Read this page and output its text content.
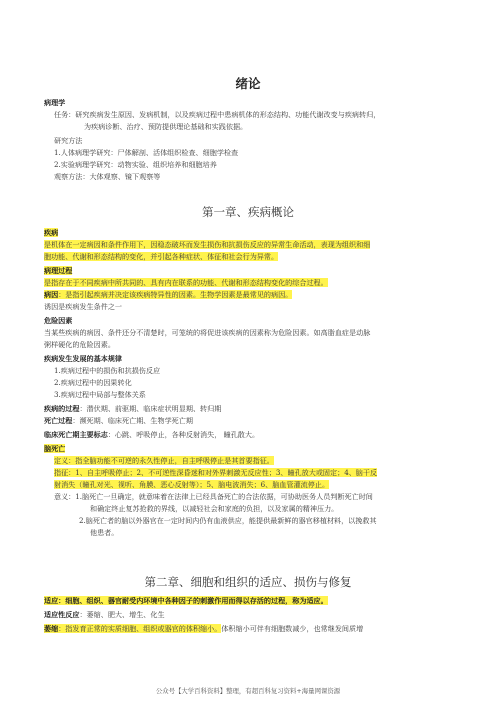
绪论
病理学
任务：研究疾病发生原因、发病机制，以及疾病过程中患病机体的形态结构、功能代谢改变与疾病转归，
为疾病诊断、治疗、预防提供理论基础和实践依据。
研究方法
1.人体病理学研究：尸体解剖、活体组织检查、细胞学检查
2.实验病理学研究：动物实验、组织培养和细胞培养
观察方法：大体观察、镜下观察等
第一章、疾病概论
疾病
是机体在一定病因和条件作用下，因稳态破坏而发生损伤和抗损伤反应的异常生命活动，表现为组织和细
胞功能、代谢和形态结构的变化，并引起各种症状、体征和社会行为异常。
病理过程
是指存在于不同疾病中所共同的、具有内在联系的功能、代谢和形态结构变化的综合过程。
病因：是指引起疾病并决定该疾病特异性的因素。生物学因素是最常见的病因。
诱因是疾病发生条件之一
危险因素
当某些疾病的病因、条件还分不清楚时，可笼统的将促进该疾病的因素称为危险因素。如高脂血症是动脉
粥样硬化的危险因素。
疾病发生发展的基本规律
1.疾病过程中的损伤和抗损伤反应
2.疾病过程中的因果转化
3.疾病过程中局部与整体关系
疾病的过程：潜伏期、前驱期、临床症状明显期、转归期
死亡过程：濒死期、临床死亡期、生物学死亡期
临床死亡期主要标志：心跳、呼吸停止，各种反射消失， 瞳孔散大。
脑死亡
定义：指全脑功能不可逆的永久性停止，自主呼吸停止是其首要指征。
指征：1、自主呼吸停止；2、不可逆性深昏迷和对外界刺激无反应性；3、瞳孔放大或固定；4、脑干反
射消失（瞳孔对光、视听、角膜、恶心反射等）；5、脑电波消失；6、脑血管灌流停止。
意义：1.脑死亡一旦确定，就意味着在法律上已经具备死亡的合法依据，可协助医务人员判断死亡时间
和确定终止复苏抢救的界线，以减轻社会和家庭的负担，以及家属的精神压力。
2.脑死亡者的脑以外器官在一定时间内仍有血液供应，能提供最新鲜的器官移植材料，以挽救其
他患者。
第二章、细胞和组织的适应、损伤与修复
适应：细胞、组织、器官耐受内环境中各种因子的刺激作用而得以存活的过程，称为适应。
适应性反应：萎缩、肥大、增生、化生
萎缩：指发育正常的实质细胞、组织或器官的体积缩小。体积缩小可伴有细胞数减少，也常继发间质增
公众号【大学百科资料】整理，有超百科复习资料+海量网课资源
